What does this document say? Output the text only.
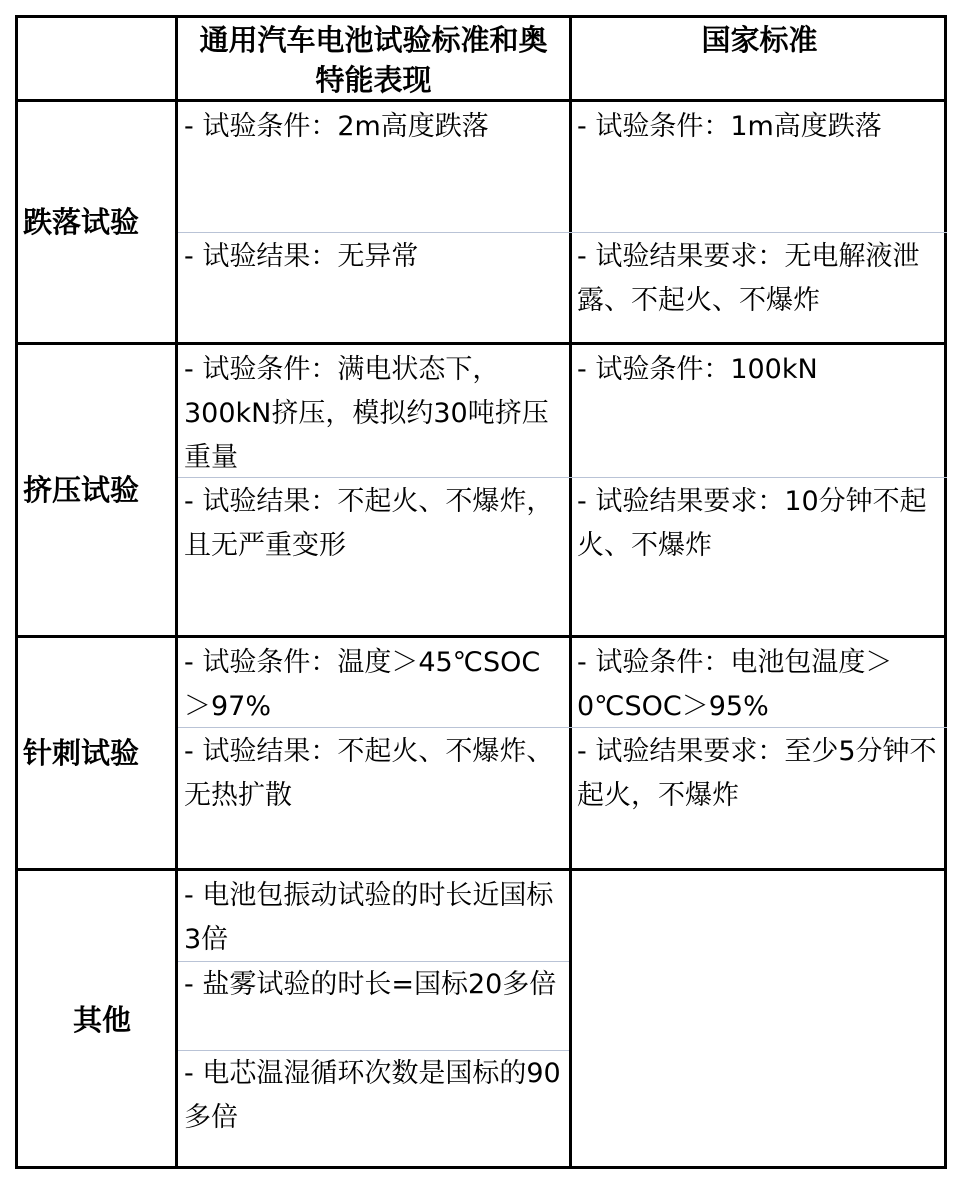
通用汽车电池试验标准和奥特能表现
国家标准
跌落试验
- 试验条件：2m高度跌落
- 试验结果：无异常
- 试验条件：1m高度跌落
- 试验结果要求：无电解液泄露、不起火、不爆炸
挤压试验
- 试验条件：满电状态下，300kN挤压，模拟约30吨挤压重量
- 试验结果：不起火、不爆炸，且无严重变形
- 试验条件：100kN
- 试验结果要求：10分钟不起火、不爆炸
针刺试验
- 试验条件：温度＞45℃SOC＞97%
- 试验结果：不起火、不爆炸、无热扩散
- 试验条件：电池包温度＞0℃SOC＞95%
- 试验结果要求：至少5分钟不起火，不爆炸
其他
- 电池包振动试验的时长近国标3倍
- 盐雾试验的时长=国标20多倍
- 电芯温湿循环次数是国标的90多倍
